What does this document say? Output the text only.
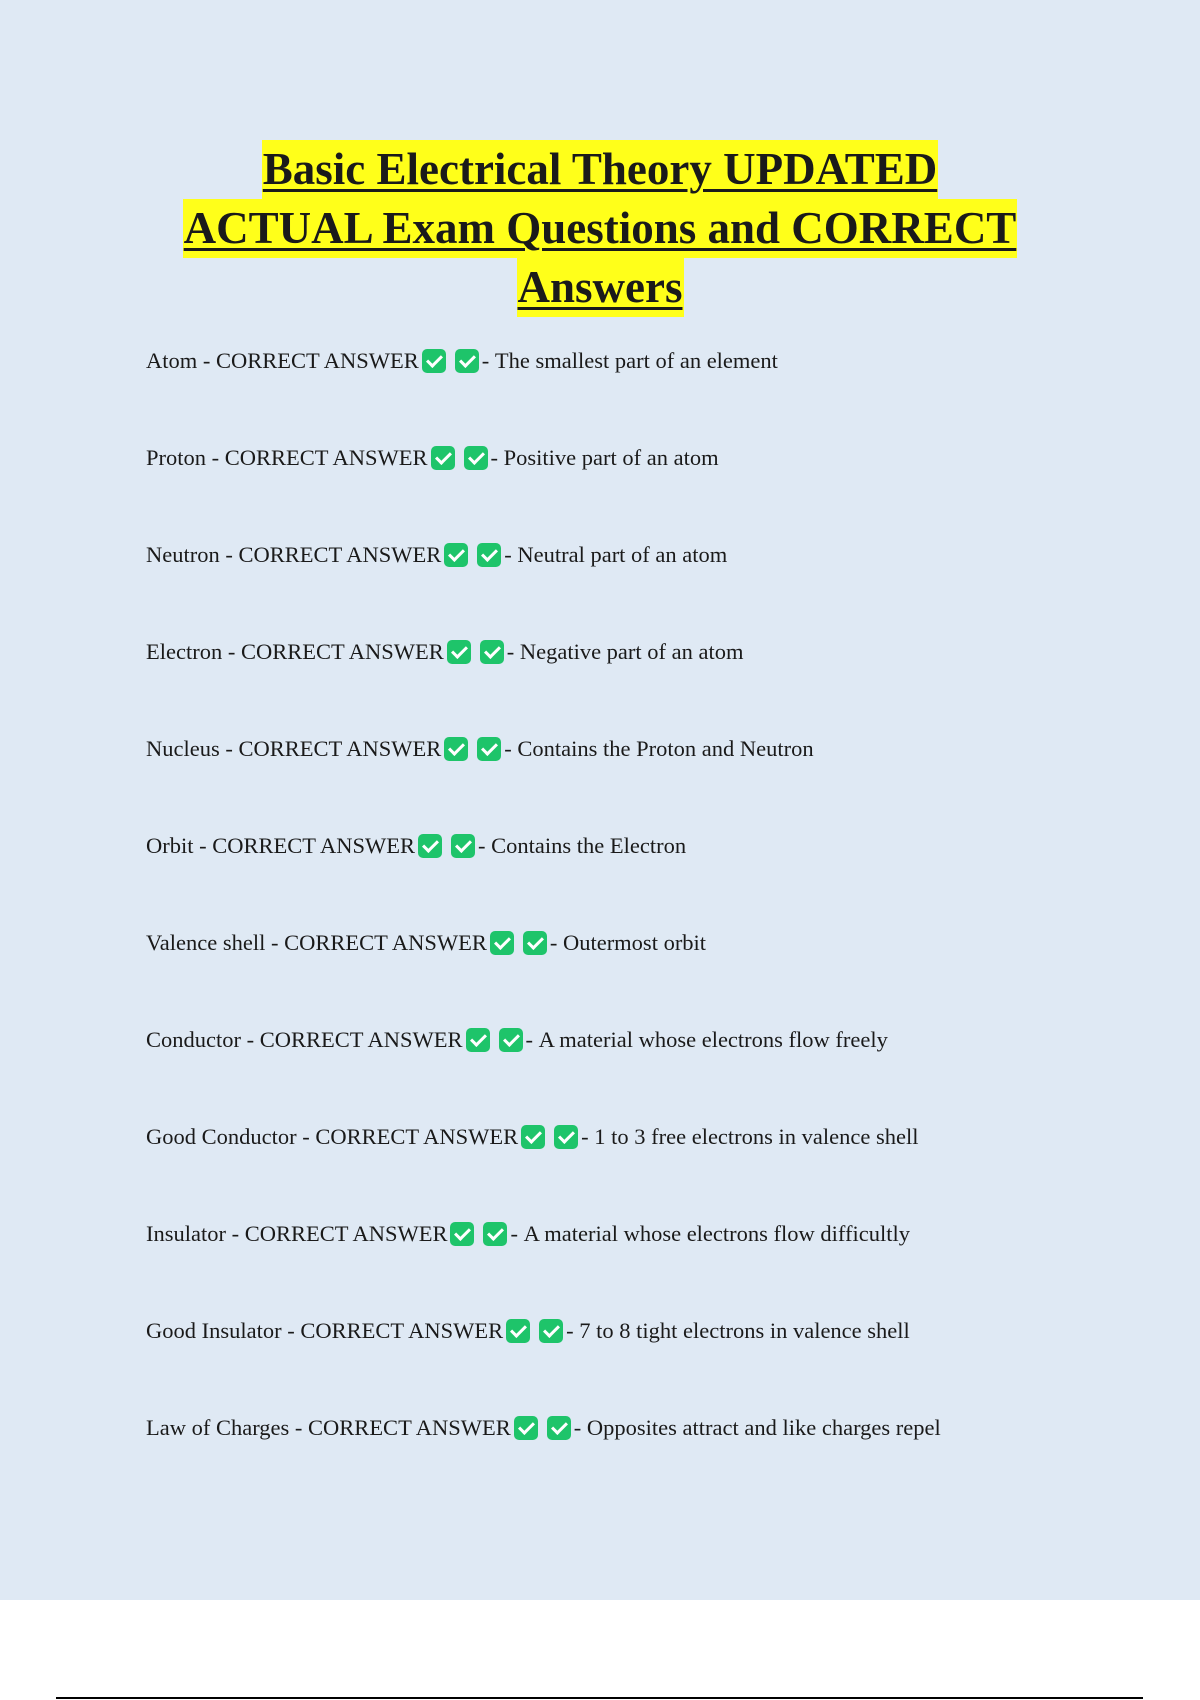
Basic Electrical Theory UPDATED
ACTUAL Exam Questions and CORRECT
Answers
Atom - CORRECT ANSWER	- The smallest part of an element
Proton - CORRECT ANSWER	- Positive part of an atom
Neutron - CORRECT ANSWER	- Neutral part of an atom
Electron - CORRECT ANSWER	- Negative part of an atom
Nucleus - CORRECT ANSWER	- Contains the Proton and Neutron
Orbit - CORRECT ANSWER	- Contains the Electron
Valence shell - CORRECT ANSWER	- Outermost orbit
Conductor - CORRECT ANSWER	- A material whose electrons flow freely
Good Conductor - CORRECT ANSWER	- 1 to 3 free electrons in valence shell
Insulator - CORRECT ANSWER	- A material whose electrons flow difficultly
Good Insulator - CORRECT ANSWER	- 7 to 8 tight electrons in valence shell
Law of Charges - CORRECT ANSWER	- Opposites attract and like charges repel
